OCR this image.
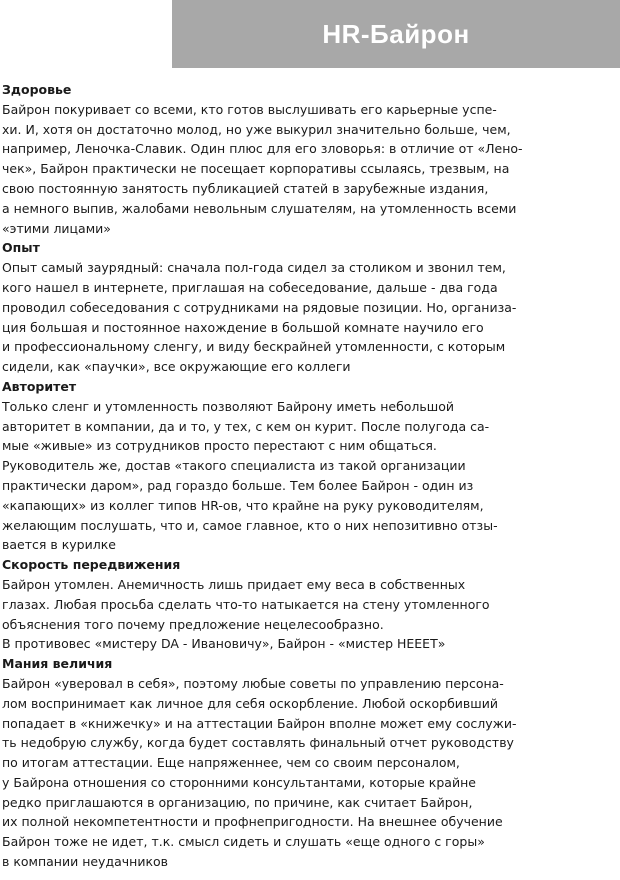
HR-Байрон
Здоровье
Байрон покуривает со всеми, кто готов выслушивать его карьерные успе-
хи. И, хотя он достаточно молод, но уже выкурил значительно больше, чем,
например, Леночка-Славик. Один плюс для его зловорья: в отличие от «Лено-
чек», Байрон практически не посещает корпоративы ссылаясь, трезвым, на
свою постоянную занятость публикацией статей в зарубежные издания,
а немного выпив, жалобами невольным слушателям, на утомленность всеми
«этими лицами»
Опыт
Опыт самый заурядный: сначала пол-года сидел за столиком и звонил тем,
кого нашел в интернете, приглашая на собеседование, дальше - два года
проводил собеседования с сотрудниками на рядовые позиции. Но, организа-
ция большая и постоянное нахождение в большой комнате научило его
и профессиональному сленгу, и виду бескрайней утомленности, с которым
сидели, как «паучки», все окружающие его коллеги
Авторитет
Только сленг и утомленность позволяют Байрону иметь небольшой
авторитет в компании, да и то, у тех, с кем он курит. После полугода са-
мые «живые» из сотрудников просто перестают с ним общаться.
Руководитель же, достав «такого специалиста из такой организации
практически даром», рад гораздо больше. Тем более Байрон - один из
«капающих» из коллег типов HR-ов, что крайне на руку руководителям,
желающим послушать, что и, самое главное, кто о них непозитивно отзы-
вается в курилке
Скорость передвижения
Байрон утомлен. Анемичность лишь придает ему веса в собственных
глазах. Любая просьба сделать что-то натыкается на стену утомленного
объяснения того почему предложение нецелесообразно.
В противовес «мистеру DA - Ивановичу», Байрон - «мистер НЕЕЕТ»
Мания величия
Байрон «уверовал в себя», поэтому любые советы по управлению персона-
лом воспринимает как личное для себя оскорбление. Любой оскорбивший
попадает в «книжечку» и на аттестации Байрон вполне может ему сослужи-
ть недобрую службу, когда будет составлять финальный отчет руководству
по итогам аттестации. Еще напряженнее, чем со своим персоналом,
у Байрона отношения со сторонними консультантами, которые крайне
редко приглашаются в организацию, по причине, как считает Байрон,
их полной некомпетентности и профнепригодности. На внешнее обучение
Байрон тоже не идет, т.к. смысл сидеть и слушать «еще одного с горы»
в компании неудачников
